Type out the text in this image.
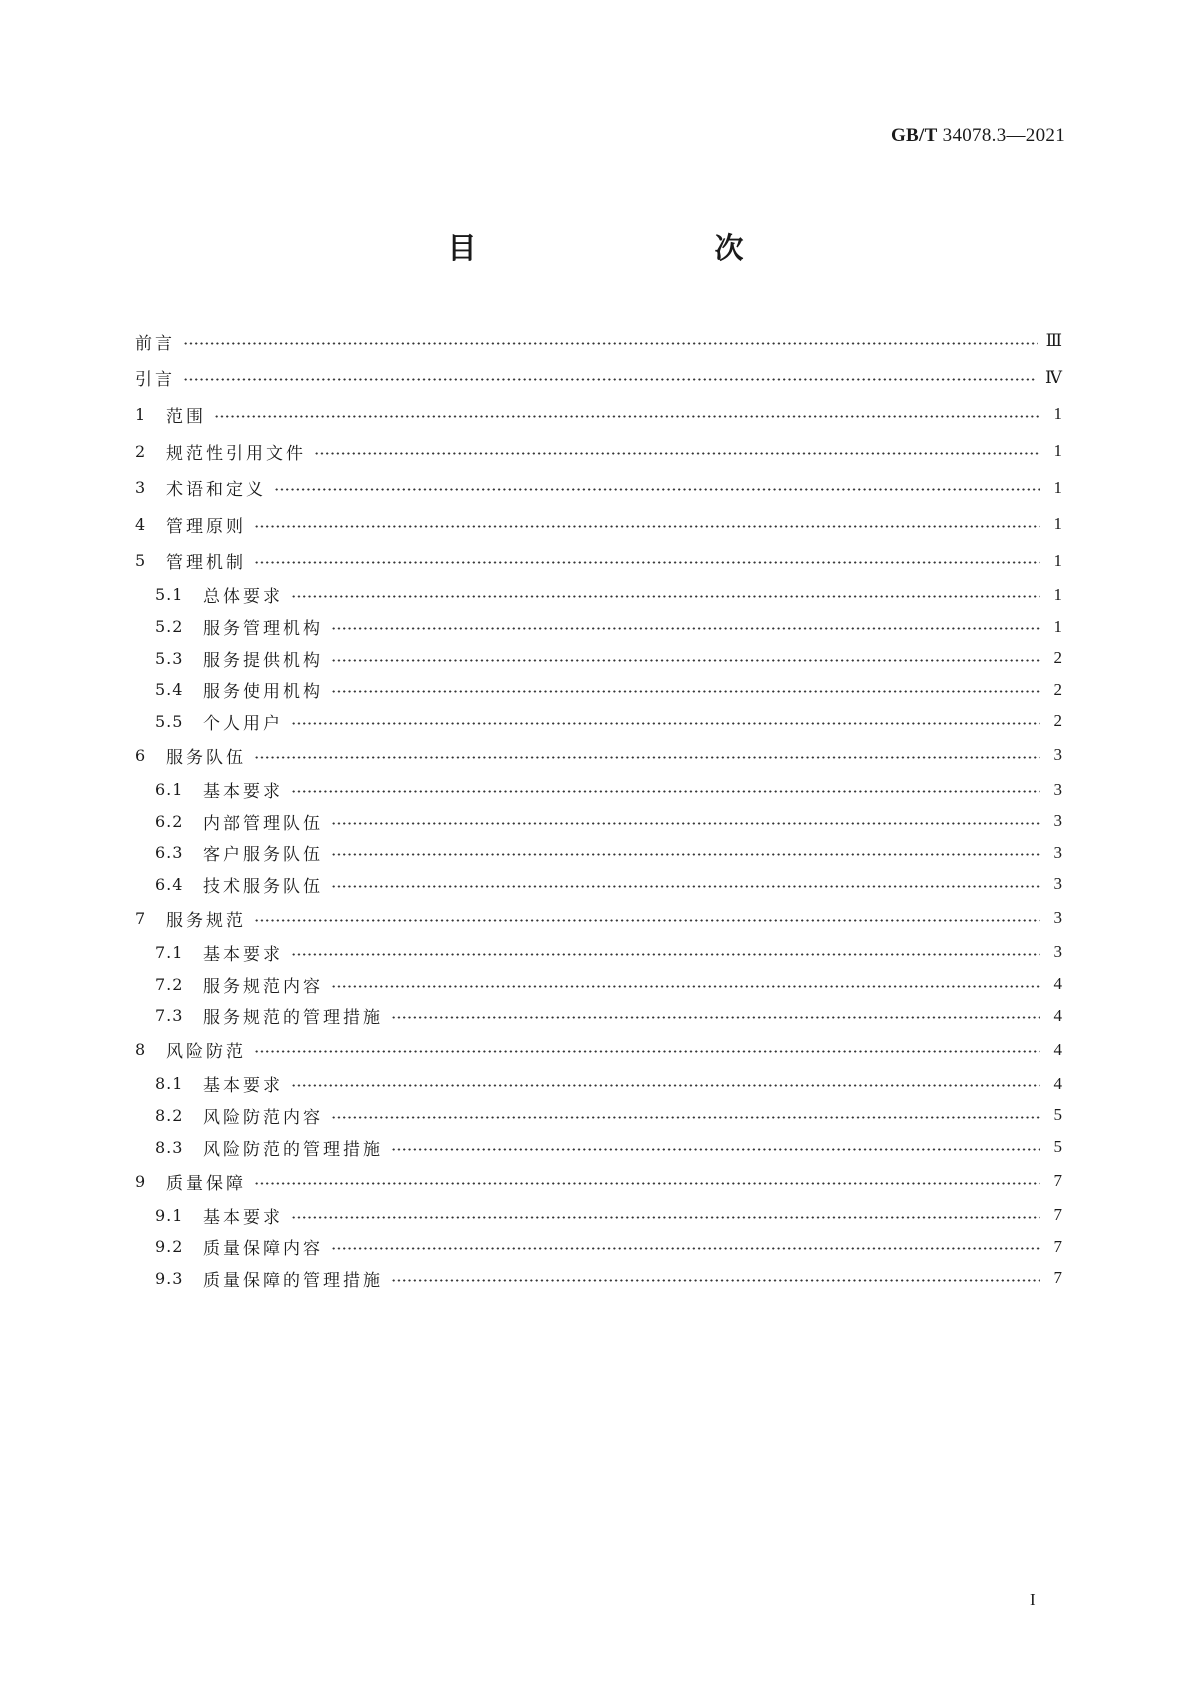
GB/T 34078.3—2021
目　　次
前言	Ⅲ
引言	Ⅳ
1	范围	1
2	规范性引用文件	1
3	术语和定义	1
4	管理原则	1
5	管理机制	1
5.1	总体要求	1
5.2	服务管理机构	1
5.3	服务提供机构	2
5.4	服务使用机构	2
5.5	个人用户	2
6	服务队伍	3
6.1	基本要求	3
6.2	内部管理队伍	3
6.3	客户服务队伍	3
6.4	技术服务队伍	3
7	服务规范	3
7.1	基本要求	3
7.2	服务规范内容	4
7.3	服务规范的管理措施	4
8	风险防范	4
8.1	基本要求	4
8.2	风险防范内容	5
8.3	风险防范的管理措施	5
9	质量保障	7
9.1	基本要求	7
9.2	质量保障内容	7
9.3	质量保障的管理措施	7
I
